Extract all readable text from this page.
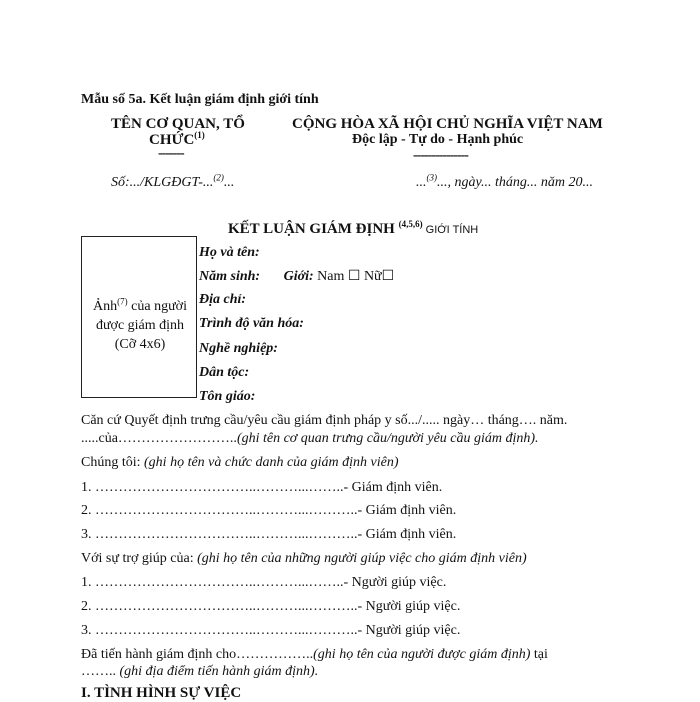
Mẫu số 5a. Kết luận giám định giới tính
TÊN CƠ QUAN, TỔ
CHỨC$^{(1)}$
-------
CỘNG HÒA XÃ HỘI CHỦ NGHĨA VIỆT NAM
Độc lập - Tự do - Hạnh phúc
---------------
Số:.../KLGĐGT-...$^{(2)}$...	...$^{(3)}$..., ngày... tháng... năm 20...
KẾT LUẬN GIÁM ĐỊNH $^{(4,5,6)}$ GIỚI TÍNH
Ảnh$^{(7)}$ của người
được giám định
(Cỡ 4x6)
Họ và tên:
Năm sinh: Giới: Nam ☐ Nữ☐
Địa chỉ:
Trình độ văn hóa:
Nghề nghiệp:
Dân tộc:
Tôn giáo:
Căn cứ Quyết định trưng cầu/yêu cầu giám định pháp y số.../..... ngày… tháng…. năm.
.....của……………………..(ghi tên cơ quan trưng cầu/người yêu cầu giám định).
Chúng tôi: (ghi họ tên và chức danh của giám định viên)
1. ……………………………..………...……..- Giám định viên.
2. ……………………………..………...………..- Giám định viên.
3. ……………………………..………...………..- Giám định viên.
Với sự trợ giúp của: (ghi họ tên của những người giúp việc cho giám định viên)
1. ……………………………..………...……..- Người giúp việc.
2. ……………………………..………...………..- Người giúp việc.
3. ……………………………..………...………..- Người giúp việc.
Đã tiến hành giám định cho……………..(ghi họ tên của người được giám định) tại
…….. (ghi địa điểm tiến hành giám định).
I. TÌNH HÌNH SỰ VIỆC
